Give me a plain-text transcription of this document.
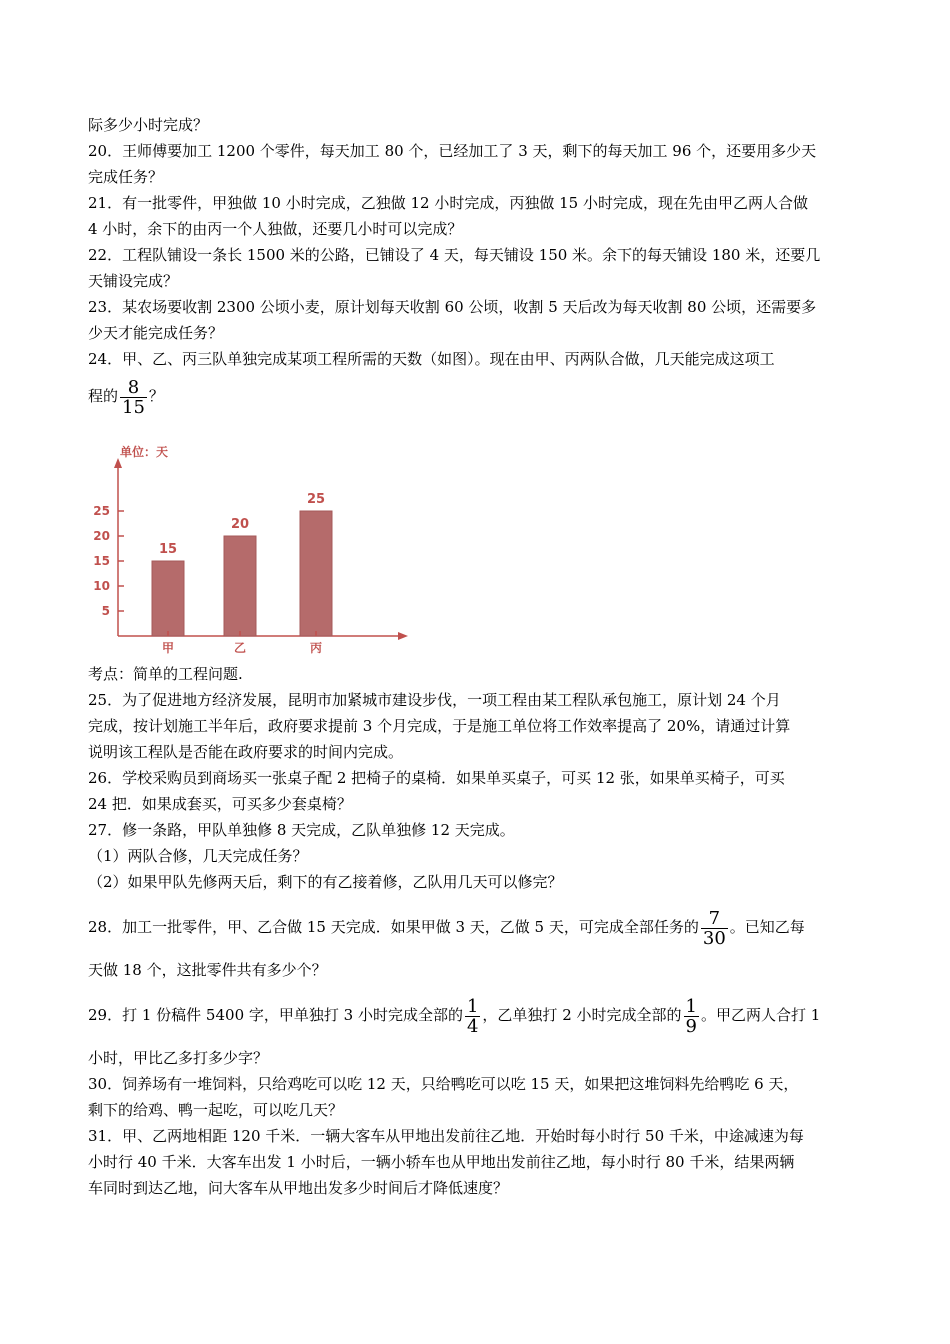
际多少小时完成？

20．王师傅要加工 1200 个零件，每天加工 80 个，已经加工了 3 天，剩下的每天加工 96 个，还要用多少天

完成任务？

21．有一批零件，甲独做 10 小时完成，乙独做 12 小时完成，丙独做 15 小时完成，现在先由甲乙两人合做

4 小时，余下的由丙一个人独做，还要几小时可以完成？

22．工程队铺设一条长 1500 米的公路，已铺设了 4 天，每天铺设 150 米。余下的每天铺设 180 米，还要几

天铺设完成？

23．某农场要收割 2300 公顷小麦，原计划每天收割 60 公顷，收割 5 天后改为每天收割 80 公顷，还需要多

少天才能完成任务？

24．甲、乙、丙三队单独完成某项工程所需的天数（如图）。现在由甲、丙两队合做，几天能完成这项工

程的 $\frac{8}{15}$ ？

单位：天
5
10
15
20
25
15
甲
20
乙
25
丙

考点：简单的工程问题.

25．为了促进地方经济发展，昆明市加紧城市建设步伐，一项工程由某工程队承包施工，原计划 24 个月

完成，按计划施工半年后，政府要求提前 3 个月完成，于是施工单位将工作效率提高了 20%，请通过计算

说明该工程队是否能在政府要求的时间内完成。

26．学校采购员到商场买一张桌子配 2 把椅子的桌椅．如果单买桌子，可买 12 张，如果单买椅子，可买

24 把．如果成套买，可买多少套桌椅？

27．修一条路，甲队单独修 8 天完成，乙队单独修 12 天完成。

（1）两队合修，几天完成任务？

（2）如果甲队先修两天后，剩下的有乙接着修，乙队用几天可以修完？

28．加工一批零件，甲、乙合做 15 天完成．如果甲做 3 天，乙做 5 天，可完成全部任务的 $\frac{7}{30}$ 。已知乙每

天做 18 个，这批零件共有多少个？

29．打 1 份稿件 5400 字，甲单独打 3 小时完成全部的 $\frac{1}{4}$ ，乙单独打 2 小时完成全部的 $\frac{1}{9}$ 。甲乙两人合打 1

小时，甲比乙多打多少字？

30．饲养场有一堆饲料，只给鸡吃可以吃 12 天，只给鸭吃可以吃 15 天，如果把这堆饲料先给鸭吃 6 天，

剩下的给鸡、鸭一起吃，可以吃几天？

31．甲、乙两地相距 120 千米．一辆大客车从甲地出发前往乙地．开始时每小时行 50 千米，中途减速为每

小时行 40 千米．大客车出发 1 小时后，一辆小轿车也从甲地出发前往乙地，每小时行 80 千米，结果两辆

车同时到达乙地，问大客车从甲地出发多少时间后才降低速度？
